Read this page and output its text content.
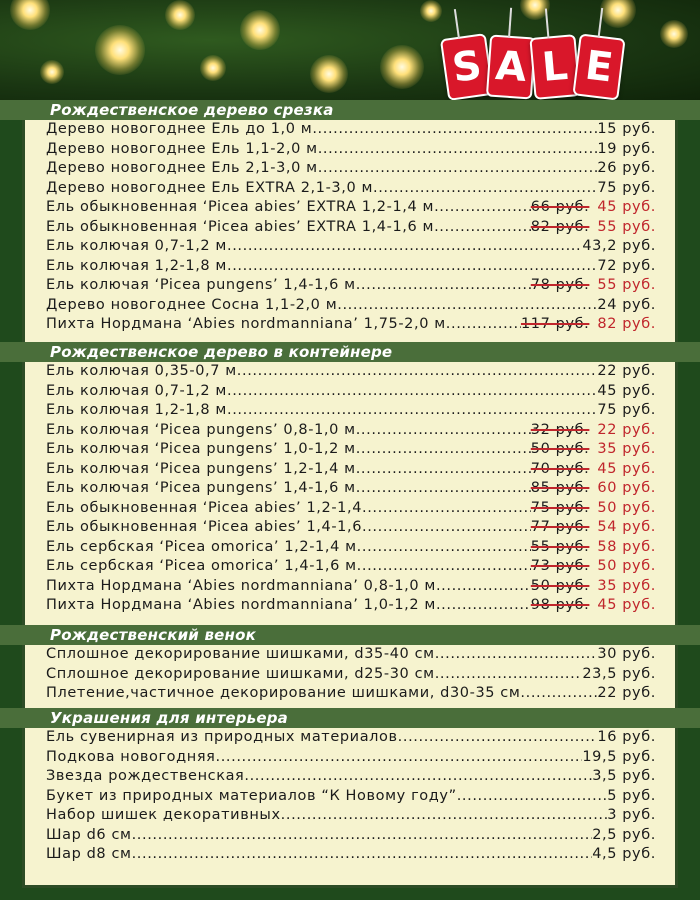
S A L E
Рождественское дерево срезка
Дерево новогоднее Ель до 1,0 м .....	15 руб.
Дерево новогоднее Ель 1,1-2,0 м .....	19 руб.
Дерево новогоднее Ель 2,1-3,0 м .....	26 руб.
Дерево новогоднее Ель EXTRA 2,1-3,0 м .....	75 руб.
Ель обыкновенная ‘Picea abies’ EXTRA 1,2-1,4 м .....	66 руб. 45 руб.
Ель обыкновенная ‘Picea abies’ EXTRA 1,4-1,6 м .....	82 руб. 55 руб.
Ель колючая 0,7-1,2 м .....	43,2 руб.
Ель колючая 1,2-1,8 м .....	72 руб.
Ель колючая ‘Picea pungens’ 1,4-1,6 м .....	78 руб. 55 руб.
Дерево новогоднее Сосна 1,1-2,0 м .....	24 руб.
Пихта Нордмана ‘Abies nordmanniana’ 1,75-2,0 м .....	117 руб. 82 руб.
Рождественское дерево в контейнере
Ель колючая 0,35-0,7 м .....	22 руб.
Ель колючая 0,7-1,2 м .....	45 руб.
Ель колючая 1,2-1,8 м .....	75 руб.
Ель колючая ‘Picea pungens’ 0,8-1,0 м .....	32 руб. 22 руб.
Ель колючая ‘Picea pungens’ 1,0-1,2 м .....	50 руб. 35 руб.
Ель колючая ‘Picea pungens’ 1,2-1,4 м .....	70 руб. 45 руб.
Ель колючая ‘Picea pungens’ 1,4-1,6 м .....	85 руб. 60 руб.
Ель обыкновенная ‘Picea abies’ 1,2-1,4 .....	75 руб. 50 руб.
Ель обыкновенная ‘Picea abies’ 1,4-1,6 .....	77 руб. 54 руб.
Ель сербская ‘Picea omorica’ 1,2-1,4 м .....	55 руб. 58 руб.
Ель сербская ‘Picea omorica’ 1,4-1,6 м .....	73 руб. 50 руб.
Пихта Нордмана ‘Abies nordmanniana’ 0,8-1,0 м .....	50 руб. 35 руб.
Пихта Нордмана ‘Abies nordmanniana’ 1,0-1,2 м .....	98 руб. 45 руб.
Рождественский венок
Сплошное декорирование шишками, d35-40 см .....	30 руб.
Сплошное декорирование шишками, d25-30 см .....	23,5 руб.
Плетение,частичное декорирование шишками, d30-35 см .....	22 руб.
Украшения для интерьера
Ель сувенирная из природных материалов .....	16 руб.
Подкова новогодняя .....	19,5 руб.
Звезда рождественская .....	3,5 руб.
Букет из природных материалов “К Новому году” .....	5 руб.
Набор шишек декоративных .....	3 руб.
Шар d6 см .....	2,5 руб.
Шар d8 см .....	4,5 руб.
